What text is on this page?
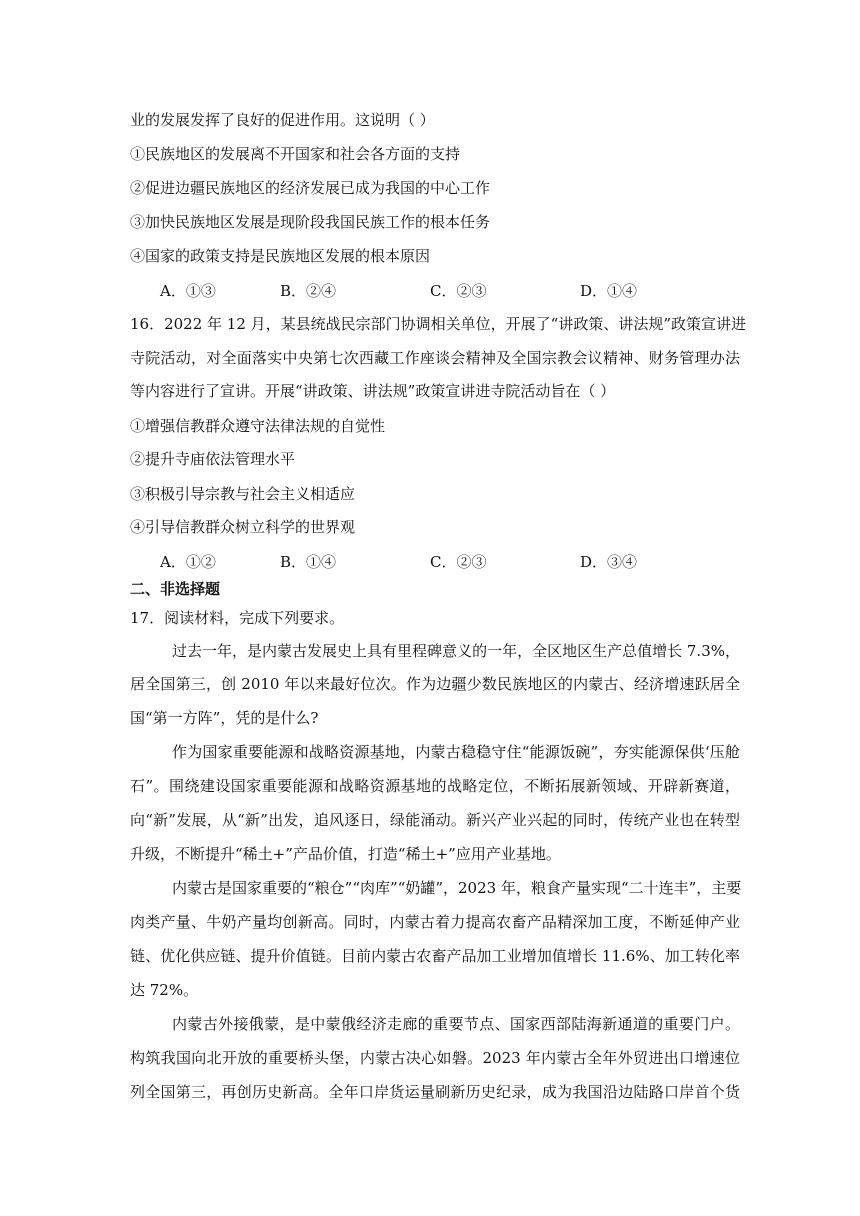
业的发展发挥了良好的促进作用。这说明（ ）
①民族地区的发展离不开国家和社会各方面的支持
②促进边疆民族地区的经济发展已成为我国的中心工作
③加快民族地区发展是现阶段我国民族工作的根本任务
④国家的政策支持是民族地区发展的根本原因
A．①③	B．②④	C．②③	D．①④
16．2022 年 12 月，某县统战民宗部门协调相关单位，开展了“讲政策、讲法规”政策宣讲进
寺院活动，对全面落实中央第七次西藏工作座谈会精神及全国宗教会议精神、财务管理办法
等内容进行了宣讲。开展“讲政策、讲法规”政策宣讲进寺院活动旨在（ ）
①增强信教群众遵守法律法规的自觉性
②提升寺庙依法管理水平
③积极引导宗教与社会主义相适应
④引导信教群众树立科学的世界观
A．①②	B．①④	C．②③	D．③④
二、非选择题
17．阅读材料，完成下列要求。
过去一年，是内蒙古发展史上具有里程碑意义的一年，全区地区生产总值增长 7.3%，
居全国第三，创 2010 年以来最好位次。作为边疆少数民族地区的内蒙古、经济增速跃居全
国“第一方阵”，凭的是什么?
作为国家重要能源和战略资源基地，内蒙古稳稳守住“能源饭碗”，夯实能源保供‘压舱
石”。围绕建设国家重要能源和战略资源基地的战略定位，不断拓展新领域、开辟新赛道，
向“新”发展，从“新”出发，追风逐日，绿能涌动。新兴产业兴起的同时，传统产业也在转型
升级，不断提升“稀土+”产品价值，打造“稀土+”应用产业基地。
内蒙古是国家重要的“粮仓”“肉库”“奶罐”，2023 年，粮食产量实现“二十连丰”，主要
肉类产量、牛奶产量均创新高。同时，内蒙古着力提高农畜产品精深加工度，不断延伸产业
链、优化供应链、提升价值链。目前内蒙古农畜产品加工业增加值增长 11.6%、加工转化率
达 72%。
内蒙古外接俄蒙，是中蒙俄经济走廊的重要节点、国家西部陆海新通道的重要门户。
构筑我国向北开放的重要桥头堡，内蒙古决心如磐。2023 年内蒙古全年外贸进出口增速位
列全国第三，再创历史新高。全年口岸货运量刷新历史纪录，成为我国沿边陆路口岸首个货
